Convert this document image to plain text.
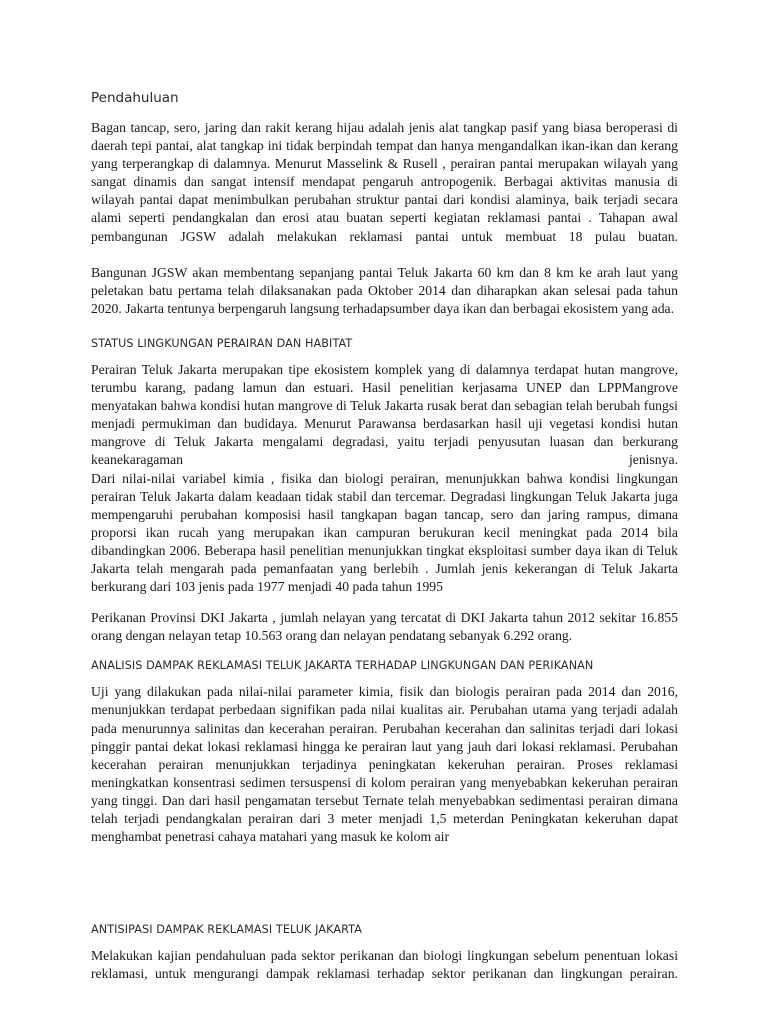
Pendahuluan

Bagan tancap, sero, jaring dan rakit kerang hijau adalah jenis alat tangkap pasif yang biasa beroperasi di daerah tepi pantai, alat tangkap ini tidak berpindah tempat dan hanya mengandalkan ikan-ikan dan kerang yang terperangkap di dalamnya. Menurut Masselink & Rusell , perairan pantai merupakan wilayah yang sangat dinamis dan sangat intensif mendapat pengaruh antropogenik. Berbagai aktivitas manusia di wilayah pantai dapat menimbulkan perubahan struktur pantai dari kondisi alaminya, baik terjadi secara alami seperti pendangkalan dan erosi atau buatan seperti kegiatan reklamasi pantai . Tahapan awal pembangunan JGSW adalah melakukan reklamasi pantai untuk membuat 18 pulau buatan.

Bangunan JGSW akan membentang sepanjang pantai Teluk Jakarta 60 km dan 8 km ke arah laut yang peletakan batu pertama telah dilaksanakan pada Oktober 2014 dan diharapkan akan selesai pada tahun 2020. Jakarta tentunya berpengaruh langsung terhadapsumber daya ikan dan berbagai ekosistem yang ada.

STATUS LINGKUNGAN PERAIRAN DAN HABITAT

Perairan Teluk Jakarta merupakan tipe ekosistem komplek yang di dalamnya terdapat hutan mangrove, terumbu karang, padang lamun dan estuari. Hasil penelitian kerjasama UNEP dan LPPMangrove menyatakan bahwa kondisi hutan mangrove di Teluk Jakarta rusak berat dan sebagian telah berubah fungsi menjadi permukiman dan budidaya. Menurut Parawansa berdasarkan hasil uji vegetasi kondisi hutan mangrove di Teluk Jakarta mengalami degradasi, yaitu terjadi penyusutan luasan dan berkurang keanekaragaman jenisnya.

Dari nilai-nilai variabel kimia , fisika dan biologi perairan, menunjukkan bahwa kondisi lingkungan perairan Teluk Jakarta dalam keadaan tidak stabil dan tercemar. Degradasi lingkungan Teluk Jakarta juga mempengaruhi perubahan komposisi hasil tangkapan bagan tancap, sero dan jaring rampus, dimana proporsi ikan rucah yang merupakan ikan campuran berukuran kecil meningkat pada 2014 bila dibandingkan 2006. Beberapa hasil penelitian menunjukkan tingkat eksploitasi sumber daya ikan di Teluk Jakarta telah mengarah pada pemanfaatan yang berlebih . Jumlah jenis kekerangan di Teluk Jakarta berkurang dari 103 jenis pada 1977 menjadi 40 pada tahun 1995

Perikanan Provinsi DKI Jakarta , jumlah nelayan yang tercatat di DKI Jakarta tahun 2012 sekitar 16.855 orang dengan nelayan tetap 10.563 orang dan nelayan pendatang sebanyak 6.292 orang.

ANALISIS DAMPAK REKLAMASI TELUK JAKARTA TERHADAP LINGKUNGAN DAN PERIKANAN

Uji yang dilakukan pada nilai-nilai parameter kimia, fisik dan biologis perairan pada 2014 dan 2016, menunjukkan terdapat perbedaan signifikan pada nilai kualitas air. Perubahan utama yang terjadi adalah pada menurunnya salinitas dan kecerahan perairan. Perubahan kecerahan dan salinitas terjadi dari lokasi pinggir pantai dekat lokasi reklamasi hingga ke perairan laut yang jauh dari lokasi reklamasi. Perubahan kecerahan perairan menunjukkan terjadinya peningkatan kekeruhan perairan. Proses reklamasi meningkatkan konsentrasi sedimen tersuspensi di kolom perairan yang menyebabkan kekeruhan perairan yang tinggi. Dan dari hasil pengamatan tersebut Ternate telah menyebabkan sedimentasi perairan dimana telah terjadi pendangkalan perairan dari 3 meter menjadi 1,5 meterdan Peningkatan kekeruhan dapat menghambat penetrasi cahaya matahari yang masuk ke kolom air

ANTISIPASI DAMPAK REKLAMASI TELUK JAKARTA

Melakukan kajian pendahuluan pada sektor perikanan dan biologi lingkungan sebelum penentuan lokasi reklamasi, untuk mengurangi dampak reklamasi terhadap sektor perikanan dan lingkungan perairan.
